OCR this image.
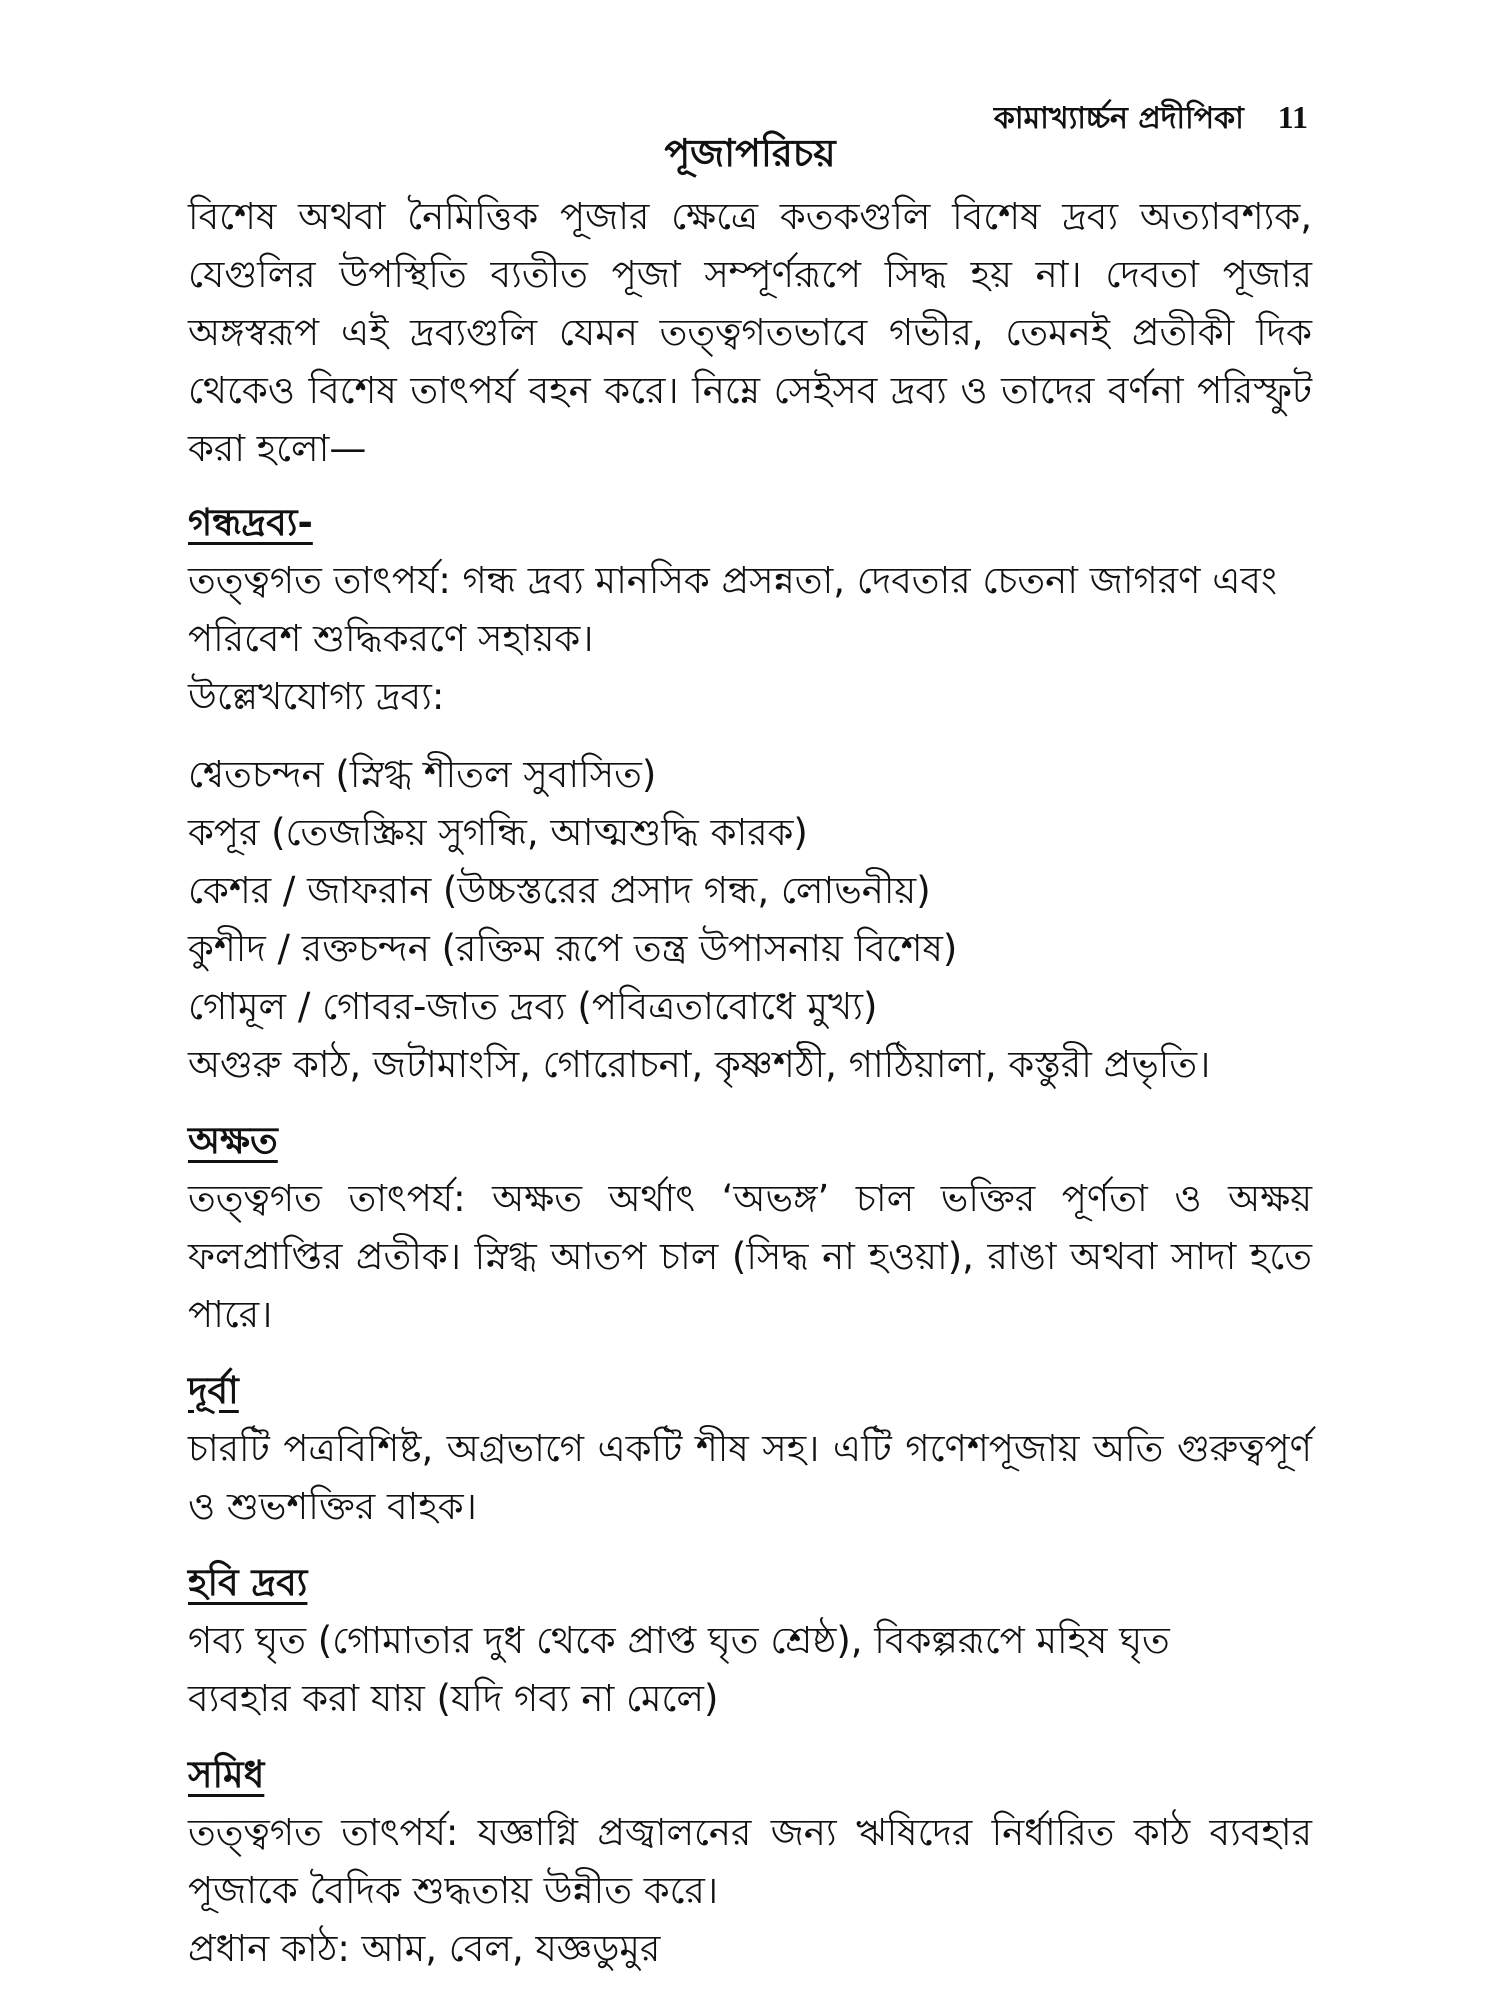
কামাখ্যার্চ্চন প্রদীপিকা 11
পূজাপরিচয়

বিশেষ অথবা নৈমিত্তিক পূজার ক্ষেত্রে কতকগুলি বিশেষ দ্রব্য অত্যাবশ্যক, যেগুলির উপস্থিতি ব্যতীত পূজা সম্পূর্ণরূপে সিদ্ধ হয় না। দেবতা পূজার অঙ্গস্বরূপ এই দ্রব্যগুলি যেমন তত্ত্বগতভাবে গভীর, তেমনই প্রতীকী দিক থেকেও বিশেষ তাৎপর্য বহন করে। নিম্নে সেইসব দ্রব্য ও তাদের বর্ণনা পরিস্ফুট করা হলো—

গন্ধদ্রব্য-

তত্ত্বগত তাৎপর্য: গন্ধ দ্রব্য মানসিক প্রসন্নতা, দেবতার চেতনা জাগরণ এবং পরিবেশ শুদ্ধিকরণে সহায়ক।

উল্লেখযোগ্য দ্রব্য:

শ্বেতচন্দন (স্নিগ্ধ শীতল সুবাসিত)

কপূর (তেজস্ক্রিয় সুগন্ধি, আত্মশুদ্ধি কারক)

কেশর / জাফরান (উচ্চস্তরের প্রসাদ গন্ধ, লোভনীয়)

কুশীদ / রক্তচন্দন (রক্তিম রূপে তন্ত্র উপাসনায় বিশেষ)

গোমূল / গোবর-জাত দ্রব্য (পবিত্রতাবোধে মুখ্য)

অগুরু কাঠ, জটামাংসি, গোরোচনা, কৃষ্ণশঠী, গাঠিয়ালা, কস্তুরী প্রভৃতি।

অক্ষত

তত্ত্বগত তাৎপর্য: অক্ষত অর্থাৎ ‘অভঙ্গ’ চাল ভক্তির পূর্ণতা ও অক্ষয় ফলপ্রাপ্তির প্রতীক। স্নিগ্ধ আতপ চাল (সিদ্ধ না হওয়া), রাঙা অথবা সাদা হতে পারে।

দূর্বা

চারটি পত্রবিশিষ্ট, অগ্রভাগে একটি শীষ সহ। এটি গণেশপূজায় অতি গুরুত্বপূর্ণ ও শুভশক্তির বাহক।

হবি দ্রব্য

গব্য ঘৃত (গোমাতার দুধ থেকে প্রাপ্ত ঘৃত শ্রেষ্ঠ), বিকল্পরূপে মহিষ ঘৃত

ব্যবহার করা যায় (যদি গব্য না মেলে)

সমিধ

তত্ত্বগত তাৎপর্য: যজ্ঞাগ্নি প্রজ্বালনের জন্য ঋষিদের নির্ধারিত কাঠ ব্যবহার পূজাকে বৈদিক শুদ্ধতায় উন্নীত করে।

প্রধান কাঠ: আম, বেল, যজ্ঞডুমুর
